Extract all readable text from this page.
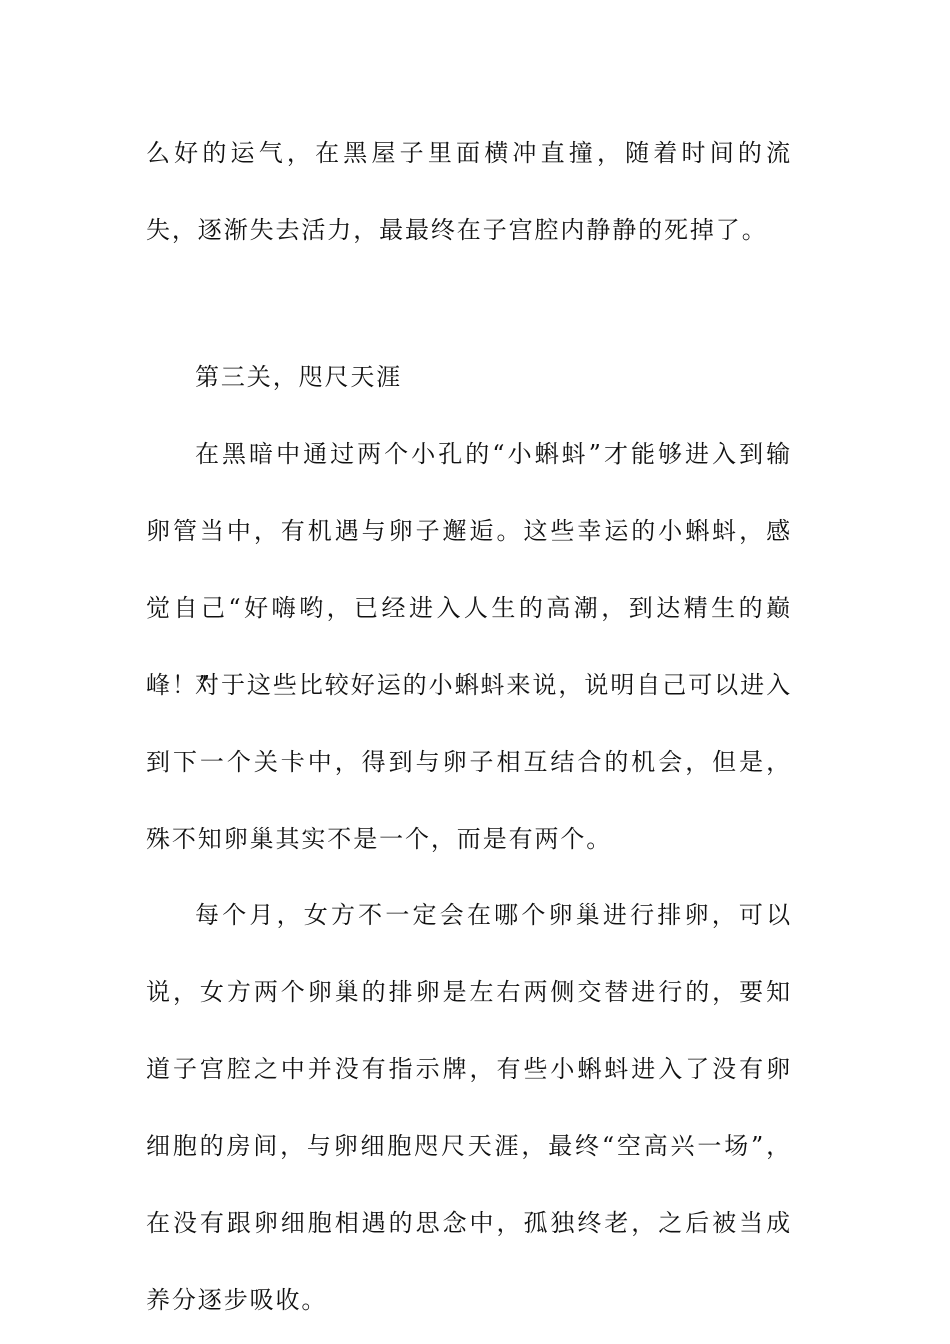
么好的运气，在黑屋子里面横冲直撞，随着时间的流失，逐渐失去活力，最最终在子宫腔内静静的死掉了。

第三关，咫尺天涯

在黑暗中通过两个小孔的“小蝌蚪”才能够进入到输卵管当中，有机遇与卵子邂逅。这些幸运的小蝌蚪，感觉自己“好嗨哟，已经进入人生的高潮，到达精生的巅峰！”

对于这些比较好运的小蝌蚪来说，说明自己可以进入到下一个关卡中，得到与卵子相互结合的机会，但是，殊不知卵巢其实不是一个，而是有两个。

每个月，女方不一定会在哪个卵巢进行排卵，可以说，女方两个卵巢的排卵是左右两侧交替进行的，要知道子宫腔之中并没有指示牌，有些小蝌蚪进入了没有卵细胞的房间，与卵细胞咫尺天涯，最终“空高兴一场”，在没有跟卵细胞相遇的思念中，孤独终老，之后被当成养分逐步吸收。
